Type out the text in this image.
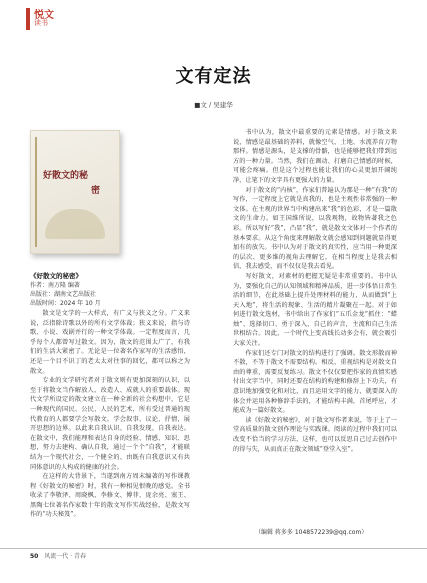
悦文
读书
文有定法
■文 / 吴建华
好散文的秘
密
《好散文的秘密》
作者：南万隆 编著
出版社：湖南文艺出版社
出版时间：2024 年 10 月

散文是文学的一大样式，有广义与狭义之分。广义来说，泛指除诗歌以外的所有文学体裁；狭义来说，指与诗歌、小说、戏剧并行的一种文学体裁。一定程度而言，几乎每个人都曾写过散文。因为，散文的范围太广了，有我们的生活大紧密了。无论是一位著名作家写的生活感悟，还是一个目不识丁的老太太对往事的回忆，都可以称之为散文。

专业的文学研究者对于散文则有更加深刻的认识，以至于将散文当作解放人、改造人、成就人的重要载体。现代文学所设定的散文建立在一种全新的社会构想中，它是一种现代的国民、公民、人民的艺术，所有受过普通的现代教育的人都要学会写散文。学会叙事、议论、抒情，展开思想的边界。以此来自我认识、自我发现、自我表达。在散文中，我们能理和表达自身的经验、情感、知识、思想，努力去建构、确认自我，通过一个个“自我”，才能联结为一个现代社会，一个健全的、由既有自我意识又有共同体意识的人构成的健康的社会。

在这样的大背景下，当遂到南方周末编著的写作课教程《好散文的秘密》时，我有一种相见恨晚的感觉。全书收录了李敬泽、周晓枫、李修文、傅菲、庞余亮、塞王、黑陶七位著名作家数十年的散文写作实战经验，是散文写作的“功夫秘笈”。

书中认为，散文中最重要的元素是情感。对于散文来说，情感是最基础的养料，就像空气、土地、水流养育万物那样。情感是源头，是支撑的骨骼，也是能够把我们带到远方的一种力量。当然，我们在调动、打磨自己情感的时候，可能会疼痛。但是这个过程也能让我们的心灵更加开阔纯净，让笔下的文字具有更强大的力量。

对于散文的“内核”，作家们普遍认为那是一种“有我”的写作，一定程度上它就是真我的，也是主观性非常强的一种文体。在主观的世界当中构建出来“我”的色彩，才是一篇散文的生命力。如王国维所说，以我观物，故物皆著我之色彩。所以写好“我”，凸显“我”，就是散文文体对一个作者的基本要求。从这个角度来理解散文就会感知到问题就显得更加有的放矢。书中认为对于散文的真实性，应当用一种更深的层次、更多维的视角去理解它，在相当程度上是我去相信，我去感受，而不仅仅是我去看见。

写好散文，对素材的把握无疑是非常重要的。书中认为，要强化自己的认知领域和精神品质，进一步体悟日常生活的细节，在此基础上提升处理材料的能力，从而做到“上天入地”，将生活的现象、生活的精片凝聚在一起。对于如何进行散文选材，书中给出了作家们“五爪金龙”抓住：“蜡烛”、选择切口、勇于深入，自己的声音，主流和自己生活世相结合。因此，一个时代上变高线长动多会有，就会吸引大家关注。

作家们还专门对散文的结构进行了强调。散文形散而神不散，不等于散文不需要结构。相反，重视结构是对散文自由的尊重，需要反复练习。散文不仅仅要把作家的真情实感付出文字当中，同时还要在结构的构建和修辞上下功夫，有意识地加强变化和对比，而且运用文字的能力，就要深入的体会并运用各种修辞手法的，才能结构丰满，首尾呼应，才能成为一篇好散文。

读《好散文的秘密》，对于散文写作者来说，等于上了一堂高质量的散文创作理论与实践课。阅读的过程中我们可以改变不恰当的学习方法，这样，也可以反思自己过去创作中的得与失，从而真正在散文领域“登堂入室”。

（编辑 蒋多多 1048572239@qq.com）
50 风流一代 · 青春
